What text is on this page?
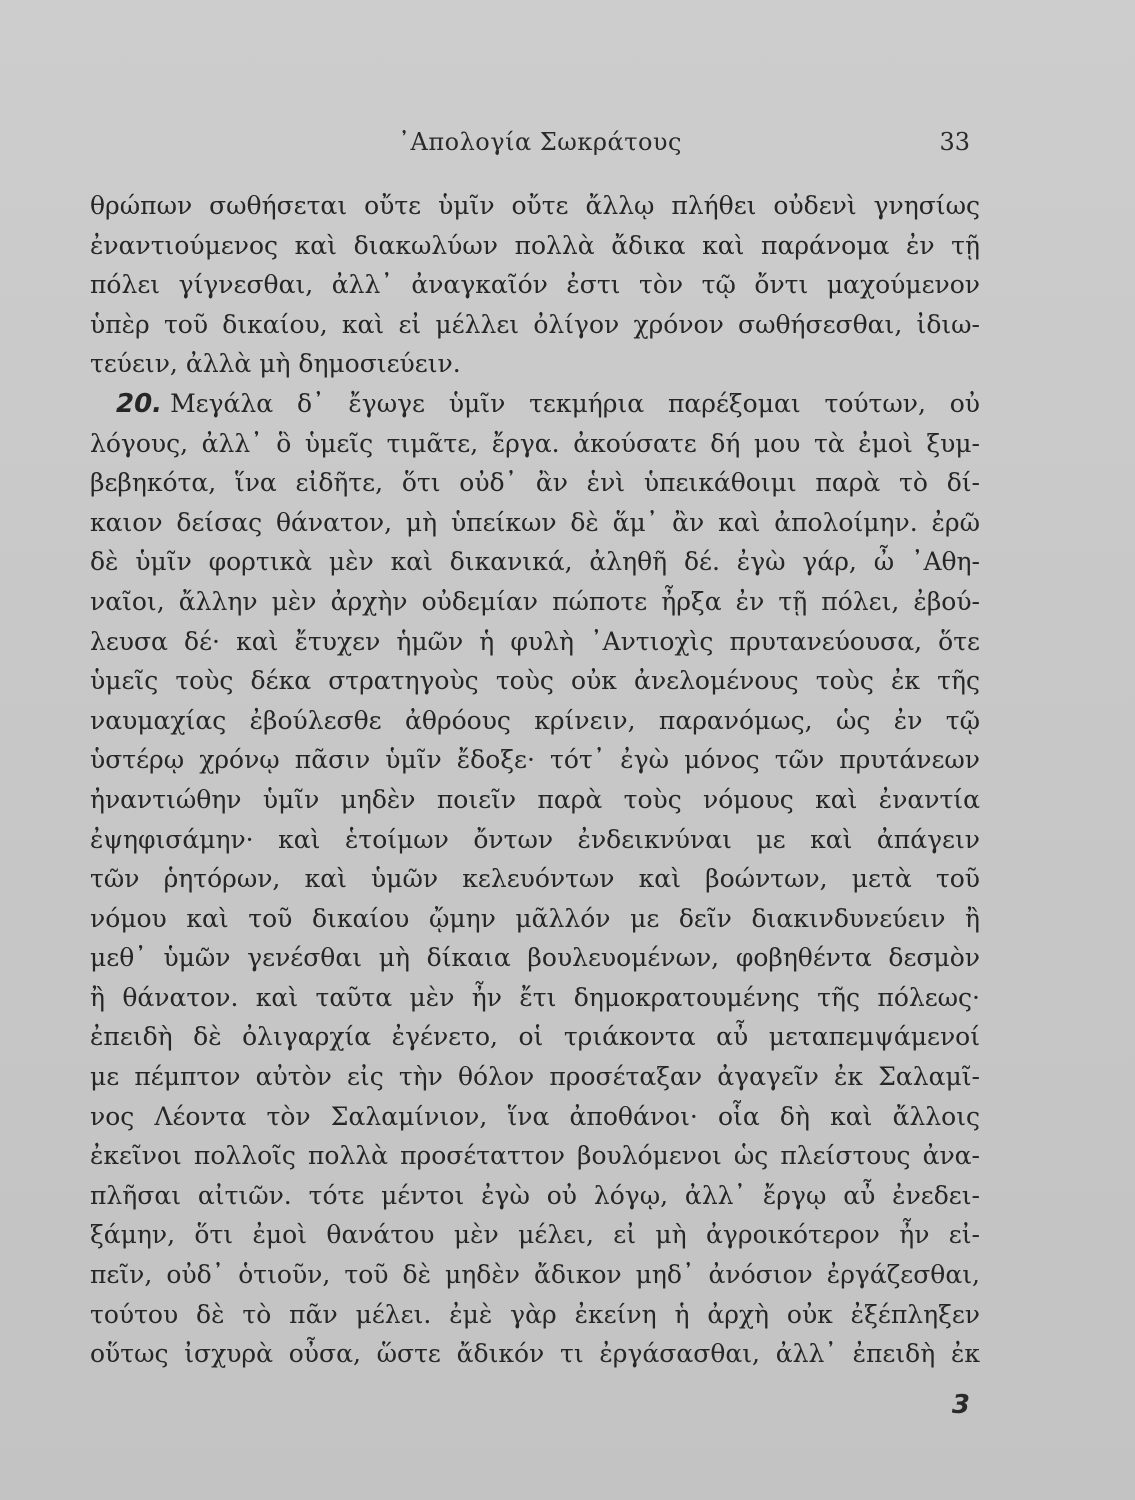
᾿Απολογία Σωκράτους	33
θρώπων σωθήσεται οὔτε ὑμῖν οὔτε ἄλλῳ πλήθει οὐδενὶ γνησίως
ἐναντιούμενος καὶ διακωλύων πολλὰ ἄδικα καὶ παράνομα ἐν τῇ
πόλει γίγνεσθαι, ἀλλ᾿ ἀναγκαῖόν ἐστι τὸν τῷ ὄντι μαχούμενον
ὑπὲρ τοῦ δικαίου, καὶ εἰ μέλλει ὀλίγον χρόνον σωθήσεσθαι, ἰδιω-
τεύειν, ἀλλὰ μὴ δημοσιεύειν.
20. Μεγάλα δ᾿ ἔγωγε ὑμῖν τεκμήρια παρέξομαι τούτων, οὐ
λόγους, ἀλλ᾿ ὃ ὑμεῖς τιμᾶτε, ἔργα. ἀκούσατε δή μου τὰ ἐμοὶ ξυμ-
βεβηκότα, ἵνα εἰδῆτε, ὅτι οὐδ᾿ ἂν ἑνὶ ὑπεικάθοιμι παρὰ τὸ δί-
καιον δείσας θάνατον, μὴ ὑπείκων δὲ ἅμ᾿ ἂν καὶ ἀπολοίμην. ἐρῶ
δὲ ὑμῖν φορτικὰ μὲν καὶ δικανικά, ἀληθῆ δέ. ἐγὼ γάρ, ὦ ᾿Αθη-
ναῖοι, ἄλλην μὲν ἀρχὴν οὐδεμίαν πώποτε ἦρξα ἐν τῇ πόλει, ἐβού-
λευσα δέ· καὶ ἔτυχεν ἡμῶν ἡ φυλὴ ᾿Αντιοχὶς πρυτανεύουσα, ὅτε
ὑμεῖς τοὺς δέκα στρατηγοὺς τοὺς οὐκ ἀνελομένους τοὺς ἐκ τῆς
ναυμαχίας ἐβούλεσθε ἀθρόους κρίνειν, παρανόμως, ὡς ἐν τῷ
ὑστέρῳ χρόνῳ πᾶσιν ὑμῖν ἔδοξε· τότ᾿ ἐγὼ μόνος τῶν πρυτάνεων
ἠναντιώθην ὑμῖν μηδὲν ποιεῖν παρὰ τοὺς νόμους καὶ ἐναντία
ἐψηφισάμην· καὶ ἑτοίμων ὄντων ἐνδεικνύναι με καὶ ἀπάγειν
τῶν ῥητόρων, καὶ ὑμῶν κελευόντων καὶ βοώντων, μετὰ τοῦ
νόμου καὶ τοῦ δικαίου ᾤμην μᾶλλόν με δεῖν διακινδυνεύειν ἢ
μεθ᾿ ὑμῶν γενέσθαι μὴ δίκαια βουλευομένων, φοβηθέντα δεσμὸν
ἢ θάνατον. καὶ ταῦτα μὲν ἦν ἔτι δημοκρατουμένης τῆς πόλεως·
ἐπειδὴ δὲ ὀλιγαρχία ἐγένετο, οἱ τριάκοντα αὖ μεταπεμψάμενοί
με πέμπτον αὐτὸν εἰς τὴν θόλον προσέταξαν ἀγαγεῖν ἐκ Σαλαμῖ-
νος Λέοντα τὸν Σαλαμίνιον, ἵνα ἀποθάνοι· οἷα δὴ καὶ ἄλλοις
ἐκεῖνοι πολλοῖς πολλὰ προσέταττον βουλόμενοι ὡς πλείστους ἀνα-
πλῆσαι αἰτιῶν. τότε μέντοι ἐγὼ οὐ λόγῳ, ἀλλ᾿ ἔργῳ αὖ ἐνεδει-
ξάμην, ὅτι ἐμοὶ θανάτου μὲν μέλει, εἰ μὴ ἀγροικότερον ἦν εἰ-
πεῖν, οὐδ᾿ ὁτιοῦν, τοῦ δὲ μηδὲν ἄδικον μηδ᾿ ἀνόσιον ἐργάζεσθαι,
τούτου δὲ τὸ πᾶν μέλει. ἐμὲ γὰρ ἐκείνη ἡ ἀρχὴ οὐκ ἐξέπληξεν
οὕτως ἰσχυρὰ οὖσα, ὥστε ἄδικόν τι ἐργάσασθαι, ἀλλ᾿ ἐπειδὴ ἐκ
3
